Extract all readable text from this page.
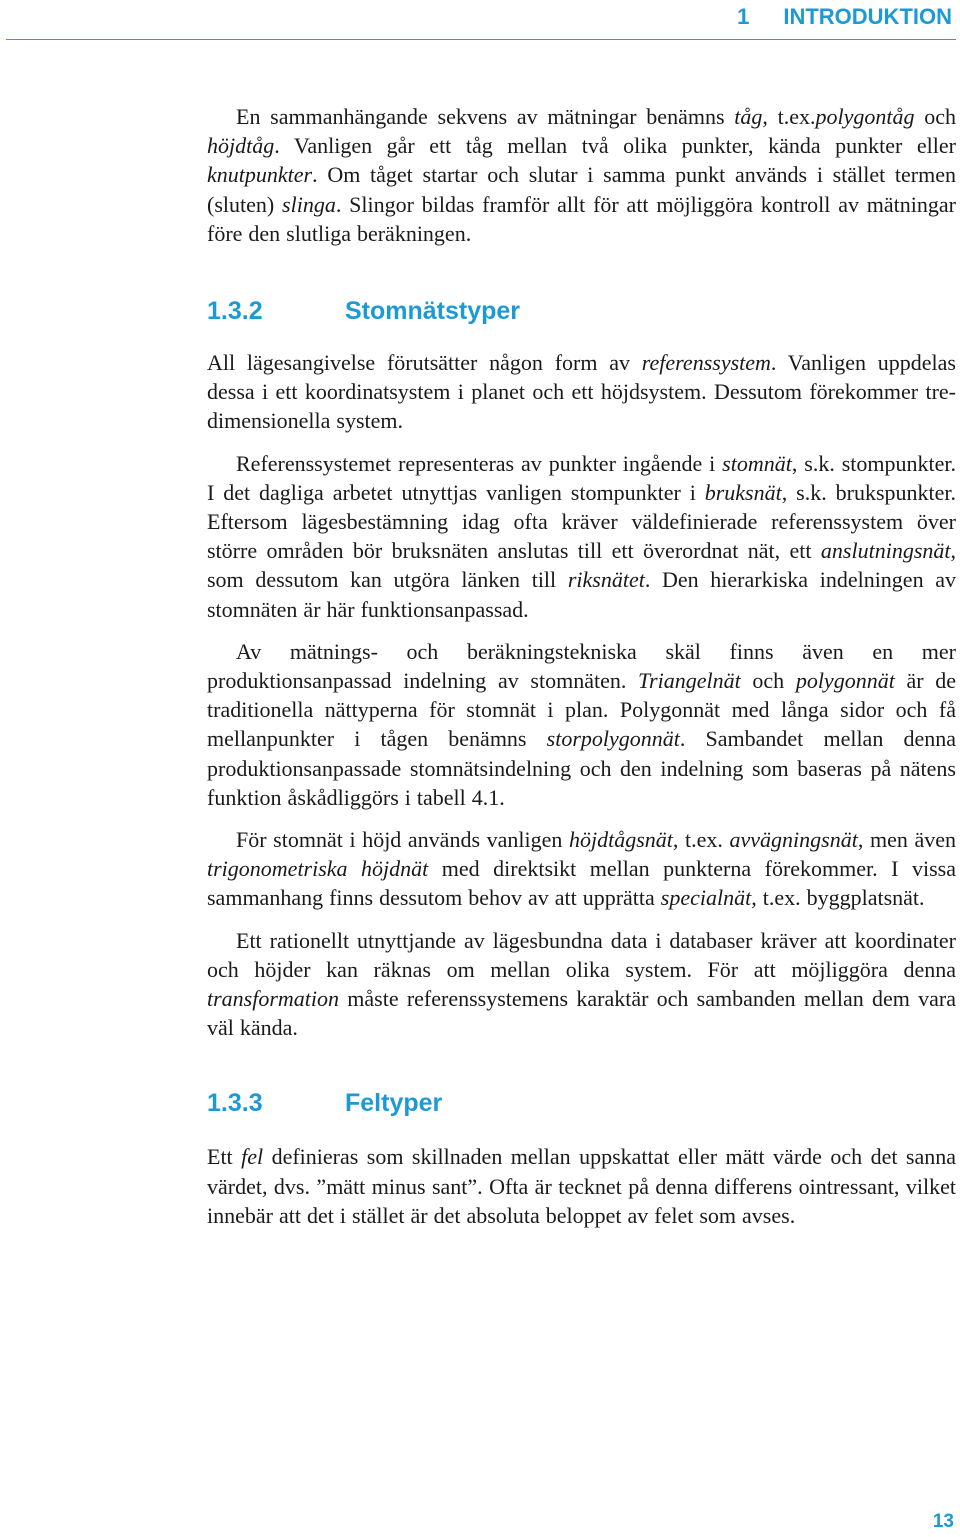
1 INTRODUKTION

En sammanhängande sekvens av mätningar benämns tåg, t.ex.polygontåg och höjdtåg. Vanligen går ett tåg mellan två olika punkter, kända punkter eller knutpunkter. Om tåget startar och slutar i samma punkt används i stället termen (sluten) slinga. Slingor bildas framför allt för att möjliggöra kontroll av mätningar före den slutliga beräkningen.

1.3.2	Stomnätstyper

All lägesangivelse förutsätter någon form av referenssystem. Vanligen uppdelas dessa i ett koordinatsystem i planet och ett höjdsystem. Dessutom förekommer tre-dimensionella system.

Referenssystemet representeras av punkter ingående i stomnät, s.k. stompunkter. I det dagliga arbetet utnyttjas vanligen stompunkter i bruksnät, s.k. brukspunkter. Eftersom lägesbestämning idag ofta kräver väldefinierade referenssystem över större områden bör bruksnäten anslutas till ett överordnat nät, ett anslutningsnät, som dessutom kan utgöra länken till riksnätet. Den hierarkiska indelningen av stomnäten är här funktionsanpassad.

Av mätnings- och beräkningstekniska skäl finns även en mer produktionsanpassad indelning av stomnäten. Triangelnät och polygonnät är de traditionella nättyperna för stomnät i plan. Polygonnät med långa sidor och få mellanpunkter i tågen benämns storpolygonnät. Sambandet mellan denna produktionsanpassade stomnätsindelning och den indelning som baseras på nätens funktion åskådliggörs i tabell 4.1.

För stomnät i höjd används vanligen höjdtågsnät, t.ex. avvägningsnät, men även trigonometriska höjdnät med direktsikt mellan punkterna förekommer. I vissa sammanhang finns dessutom behov av att upprätta specialnät, t.ex. byggplatsnät.

Ett rationellt utnyttjande av lägesbundna data i databaser kräver att koordinater och höjder kan räknas om mellan olika system. För att möjliggöra denna transformation måste referenssystemens karaktär och sambanden mellan dem vara väl kända.

1.3.3	Feltyper

Ett fel definieras som skillnaden mellan uppskattat eller mätt värde och det sanna värdet, dvs. ”mätt minus sant”. Ofta är tecknet på denna differens ointressant, vilket innebär att det i stället är det absoluta beloppet av felet som avses.

13
